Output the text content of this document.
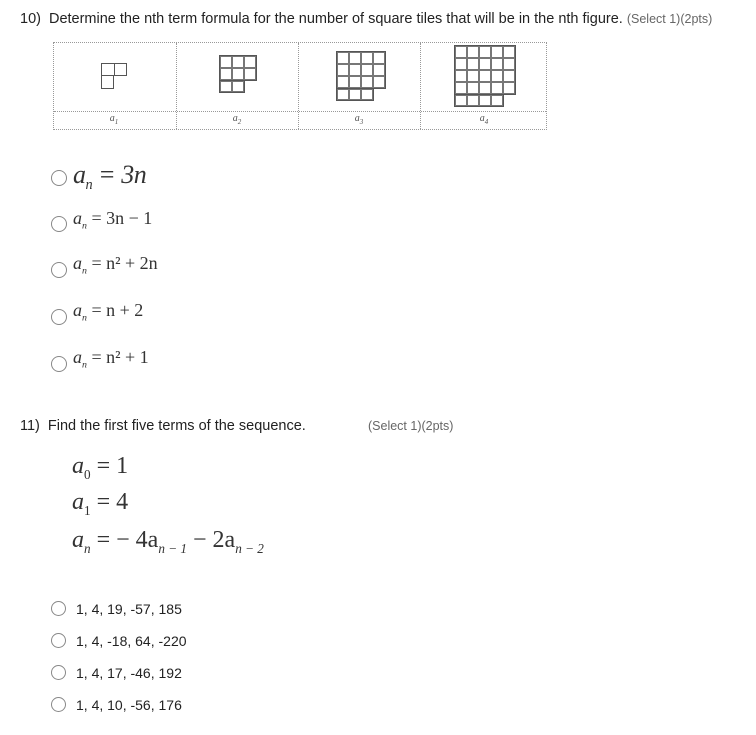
10) Determine the nth term formula for the number of square tiles that will be in the nth figure. (Select 1)(2pts)
$a_1$	$a_2$	$a_3$	$a_4$
$a_n = 3n$
$a_n = 3n - 1$
$a_n = n^2 + 2n$
$a_n = n + 2$
$a_n = n^2 + 1$
11) Find the first five terms of the sequence.	(Select 1)(2pts)
$a_0 = 1$
$a_1 = 4$
$a_n$ = − $4a_{n - 1} - 2a_{n - 2}$
1, 4, 19, -57, 185
1, 4, -18, 64, -220
1, 4, 17, -46, 192
1, 4, 10, -56, 176
